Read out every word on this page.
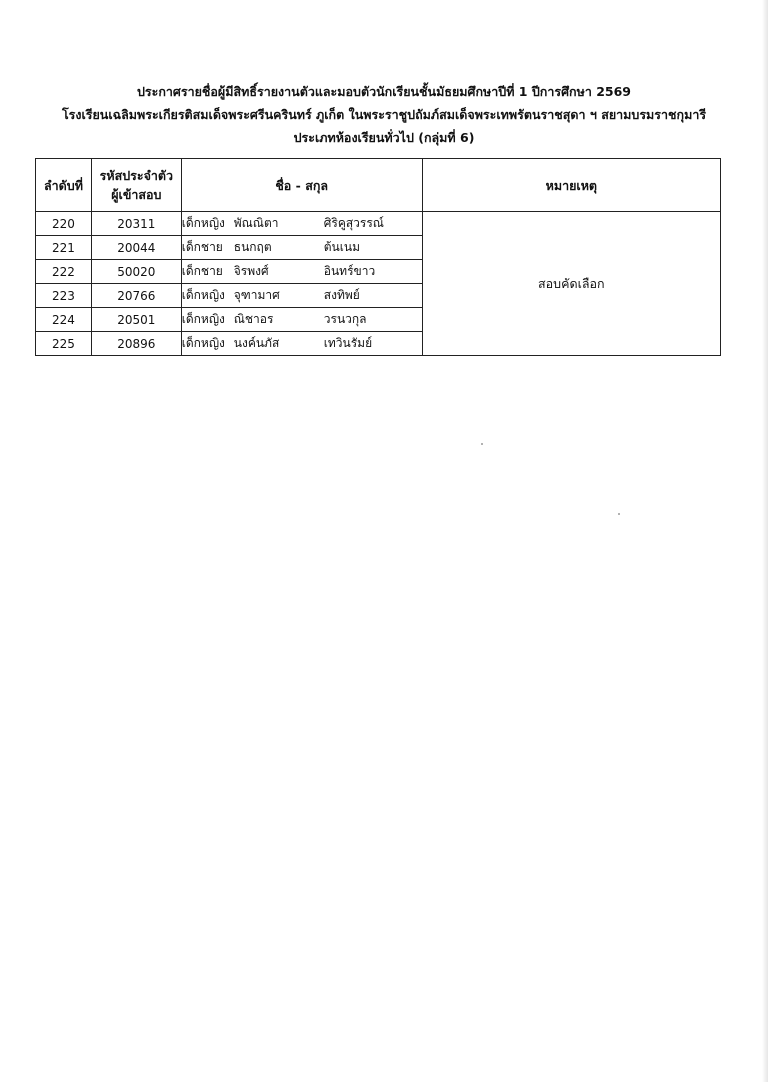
ประกาศรายชื่อผู้มีสิทธิ์รายงานตัวและมอบตัวนักเรียนชั้นมัธยมศึกษาปีที่ 1 ปีการศึกษา 2569
โรงเรียนเฉลิมพระเกียรติสมเด็จพระศรีนครินทร์ ภูเก็ต ในพระราชูปถัมภ์สมเด็จพระเทพรัตนราชสุดา ฯ สยามบรมราชกุมารี
ประเภทห้องเรียนทั่วไป (กลุ่มที่ 6)
ลำดับที่	รหัสประจำตัว
ผู้เข้าสอบ	ชื่อ - สกุล	หมายเหตุ
220	20311	เด็กหญิง พัณณิตา ศิริคูสุวรรณ์	สอบคัดเลือก
221	20044	เด็กชาย ธนกฤต ต้นเนม	
222	50020	เด็กชาย จิรพงศ์ อินทร์ขาว	
223	20766	เด็กหญิง จุฑามาศ สงทิพย์	
224	20501	เด็กหญิง ณิชาอร วรนวกุล	
225	20896	เด็กหญิง นงค์นภัส เทวินรัมย์	
